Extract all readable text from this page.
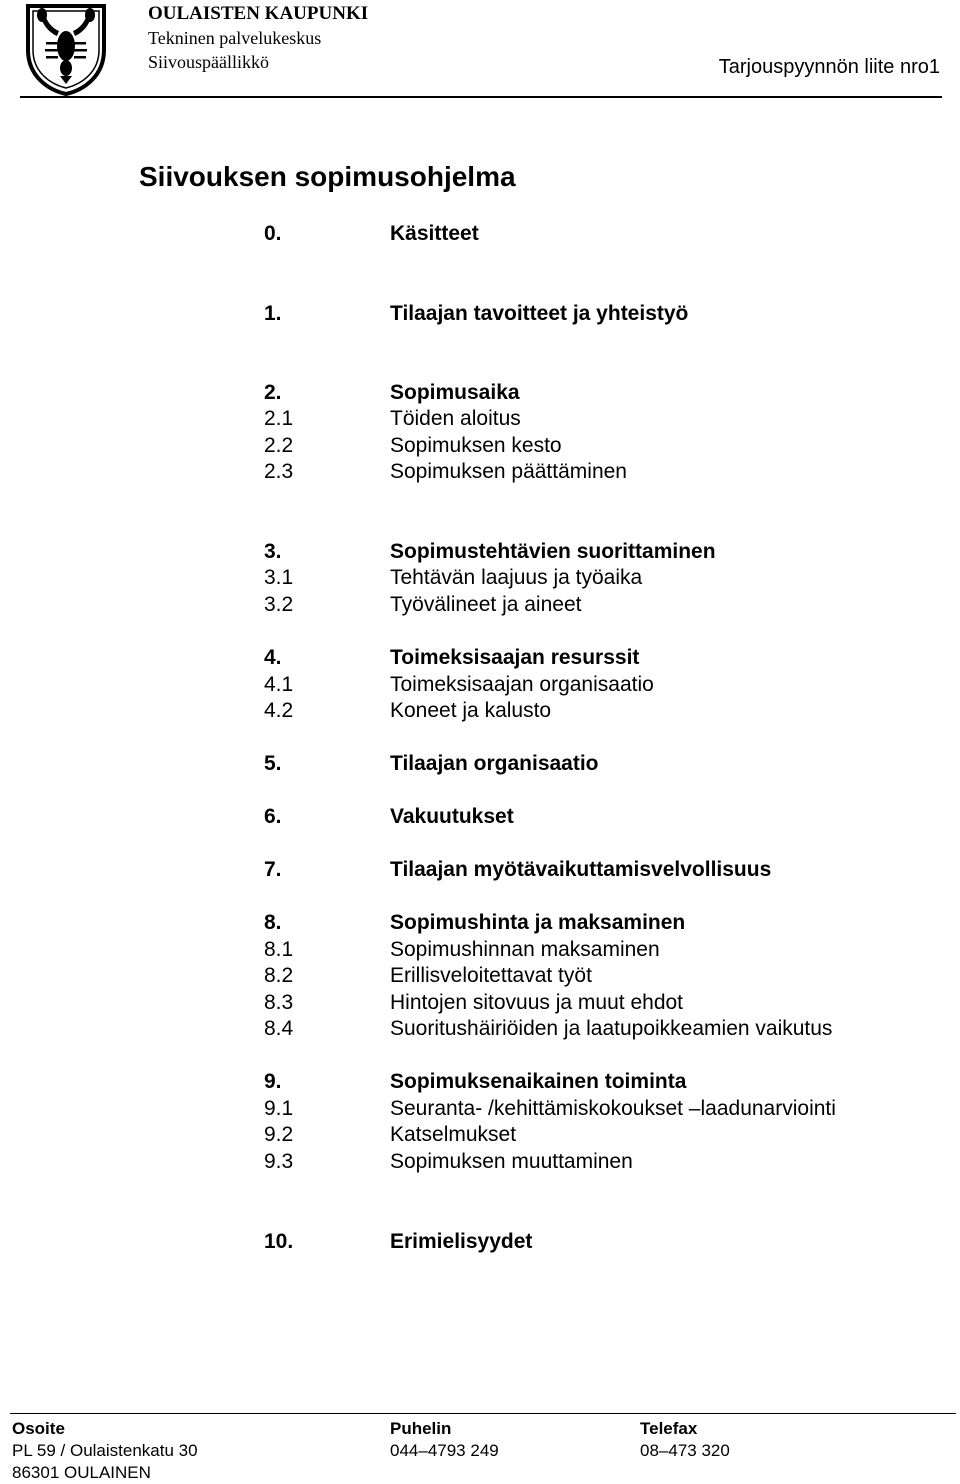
OULAISTEN KAUPUNKI
Tekninen palvelukeskus
Siivouspäällikkö	Tarjouspyynnön liite nro1
Siivouksen sopimusohjelma
0.	Käsitteet
1.	Tilaajan tavoitteet ja yhteistyö
2.	Sopimusaika
2.1	Töiden aloitus
2.2	Sopimuksen kesto
2.3	Sopimuksen päättäminen
3.	Sopimustehtävien suorittaminen
3.1	Tehtävän laajuus ja työaika
3.2	Työvälineet ja aineet
4.	Toimeksisaajan resurssit
4.1	Toimeksisaajan organisaatio
4.2	Koneet ja kalusto
5.	Tilaajan organisaatio
6.	Vakuutukset
7.	Tilaajan myötävaikuttamisvelvollisuus
8.	Sopimushinta ja maksaminen
8.1	Sopimushinnan maksaminen
8.2	Erillisveloitettavat työt
8.3	Hintojen sitovuus ja muut ehdot
8.4	Suoritushäiriöiden ja laatupoikkeamien vaikutus
9.	Sopimuksenaikainen toiminta
9.1	Seuranta- /kehittämiskokoukset –laadunarviointi
9.2	Katselmukset
9.3	Sopimuksen muuttaminen
10.	Erimielisyydet
Osoite
PL 59 / Oulaistenkatu 30
86301 OULAINEN
Puhelin
044–4793 249
Telefax
08–473 320
